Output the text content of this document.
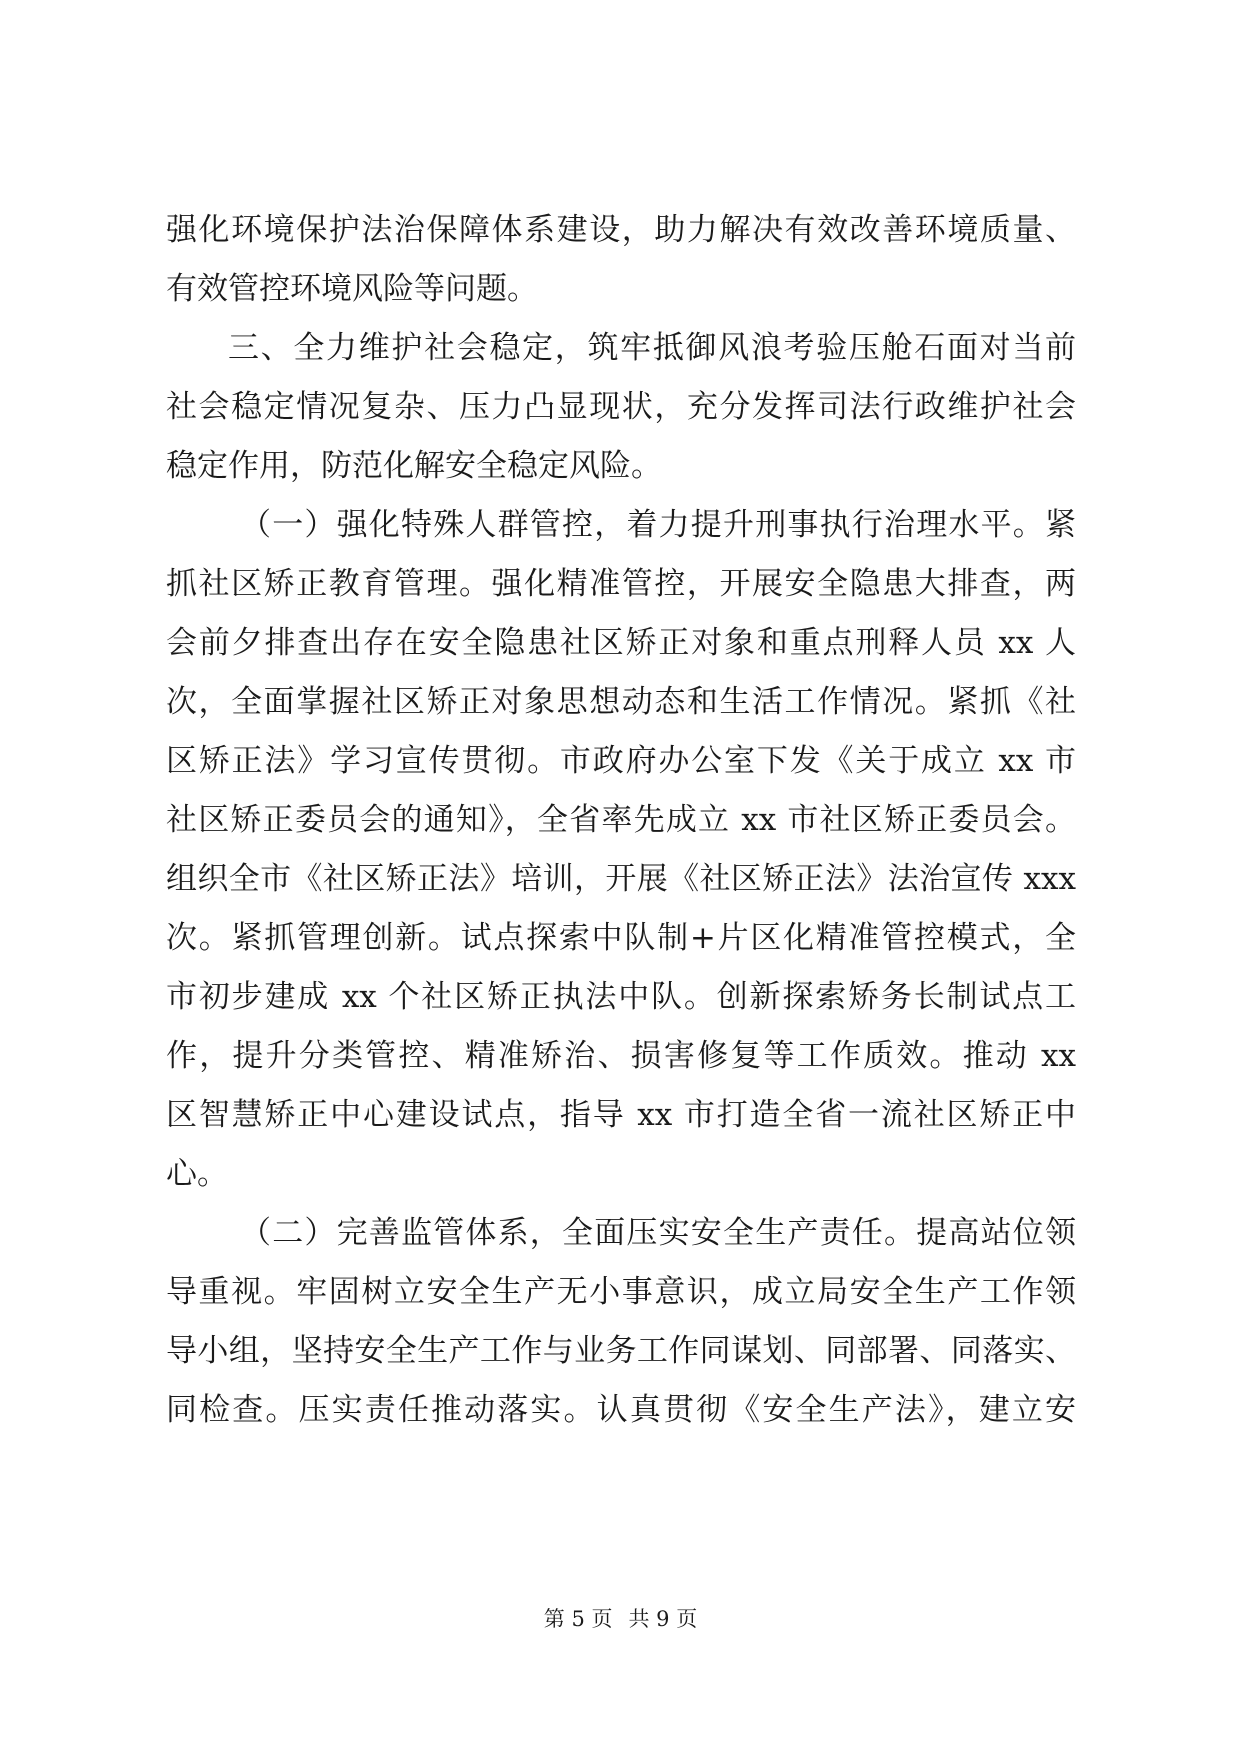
强化环境保护法治保障体系建设，助力解决有效改善环境质量、
有效管控环境风险等问题。
三、全力维护社会稳定，筑牢抵御风浪考验压舱石面对当前
社会稳定情况复杂、压力凸显现状，充分发挥司法行政维护社会
稳定作用，防范化解安全稳定风险。
（一）强化特殊人群管控，着力提升刑事执行治理水平。紧
抓社区矫正教育管理。强化精准管控，开展安全隐患大排查，两
会前夕排查出存在安全隐患社区矫正对象和重点刑释人员 xx 人
次，全面掌握社区矫正对象思想动态和生活工作情况。紧抓《社
区矫正法》学习宣传贯彻。市政府办公室下发《关于成立 xx 市
社区矫正委员会的通知》，全省率先成立 xx 市社区矫正委员会。
组织全市《社区矫正法》培训，开展《社区矫正法》法治宣传 xxx
次。紧抓管理创新。试点探索中队制+片区化精准管控模式，全
市初步建成 xx 个社区矫正执法中队。创新探索矫务长制试点工
作，提升分类管控、精准矫治、损害修复等工作质效。推动 xx
区智慧矫正中心建设试点，指导 xx 市打造全省一流社区矫正中
心。
（二）完善监管体系，全面压实安全生产责任。提高站位领
导重视。牢固树立安全生产无小事意识，成立局安全生产工作领
导小组，坚持安全生产工作与业务工作同谋划、同部署、同落实、
同检查。压实责任推动落实。认真贯彻《安全生产法》，建立安
第 5 页 共 9 页
